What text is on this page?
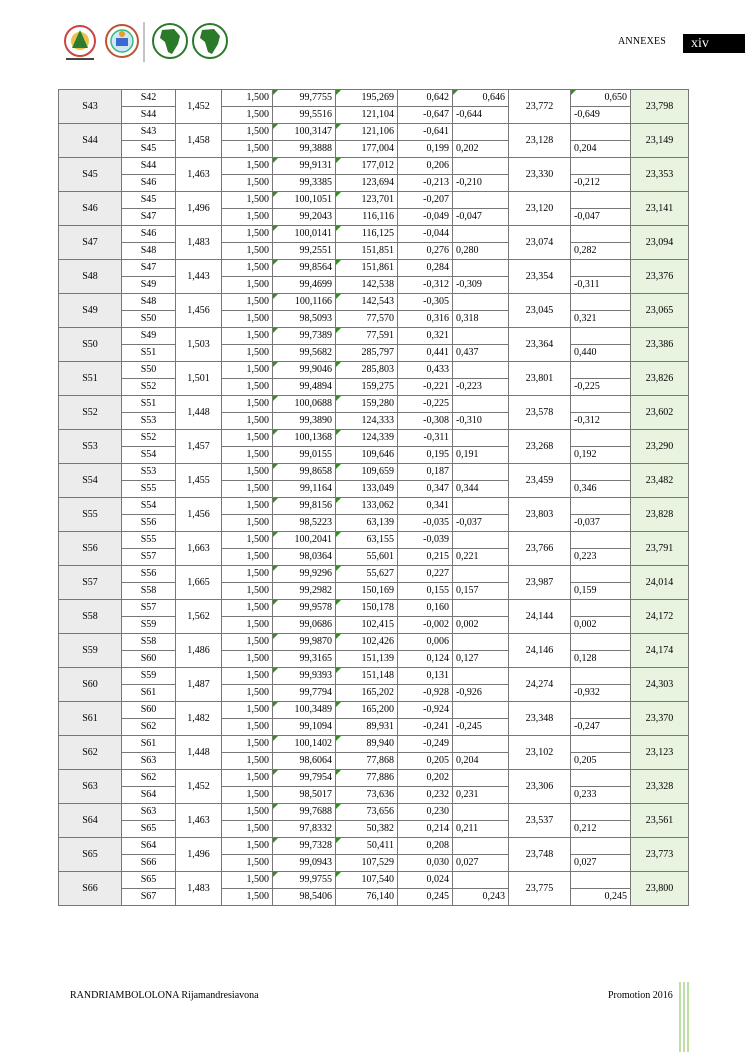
ANNEXES	xiv
S43	S42	1,452	1,500	99,7755	195,269	0,642	0,646	23,772	0,650	23,798
	S44		1,500	99,5516	121,104	-0,647	-0,644		-0,649	
S44	S43	1,458	1,500	100,3147	121,106	-0,641		23,128		23,149
	S45		1,500	99,3888	177,004	0,199	0,202		0,204	
S45	S44	1,463	1,500	99,9131	177,012	0,206		23,330		23,353
	S46		1,500	99,3385	123,694	-0,213	-0,210		-0,212	
S46	S45	1,496	1,500	100,1051	123,701	-0,207		23,120		23,141
	S47		1,500	99,2043	116,116	-0,049	-0,047		-0,047	
S47	S46	1,483	1,500	100,0141	116,125	-0,044		23,074		23,094
	S48		1,500	99,2551	151,851	0,276	0,280		0,282	
S48	S47	1,443	1,500	99,8564	151,861	0,284		23,354		23,376
	S49		1,500	99,4699	142,538	-0,312	-0,309		-0,311	
S49	S48	1,456	1,500	100,1166	142,543	-0,305		23,045		23,065
	S50		1,500	98,5093	77,570	0,316	0,318		0,321	
S50	S49	1,503	1,500	99,7389	77,591	0,321		23,364		23,386
	S51		1,500	99,5682	285,797	0,441	0,437		0,440	
S51	S50	1,501	1,500	99,9046	285,803	0,433		23,801		23,826
	S52		1,500	99,4894	159,275	-0,221	-0,223		-0,225	
S52	S51	1,448	1,500	100,0688	159,280	-0,225		23,578		23,602
	S53		1,500	99,3890	124,333	-0,308	-0,310		-0,312	
S53	S52	1,457	1,500	100,1368	124,339	-0,311		23,268		23,290
	S54		1,500	99,0155	109,646	0,195	0,191		0,192	
S54	S53	1,455	1,500	99,8658	109,659	0,187		23,459		23,482
	S55		1,500	99,1164	133,049	0,347	0,344		0,346	
S55	S54	1,456	1,500	99,8156	133,062	0,341		23,803		23,828
	S56		1,500	98,5223	63,139	-0,035	-0,037		-0,037	
S56	S55	1,663	1,500	100,2041	63,155	-0,039		23,766		23,791
	S57		1,500	98,0364	55,601	0,215	0,221		0,223	
S57	S56	1,665	1,500	99,9296	55,627	0,227		23,987		24,014
	S58		1,500	99,2982	150,169	0,155	0,157		0,159	
S58	S57	1,562	1,500	99,9578	150,178	0,160		24,144		24,172
	S59		1,500	99,0686	102,415	-0,002	0,002		0,002	
S59	S58	1,486	1,500	99,9870	102,426	0,006		24,146		24,174
	S60		1,500	99,3165	151,139	0,124	0,127		0,128	
S60	S59	1,487	1,500	99,9393	151,148	0,131		24,274		24,303
	S61		1,500	99,7794	165,202	-0,928	-0,926		-0,932	
S61	S60	1,482	1,500	100,3489	165,200	-0,924		23,348		23,370
	S62		1,500	99,1094	89,931	-0,241	-0,245		-0,247	
S62	S61	1,448	1,500	100,1402	89,940	-0,249		23,102		23,123
	S63		1,500	98,6064	77,868	0,205	0,204		0,205	
S63	S62	1,452	1,500	99,7954	77,886	0,202		23,306		23,328
	S64		1,500	98,5017	73,636	0,232	0,231		0,233	
S64	S63	1,463	1,500	99,7688	73,656	0,230		23,537		23,561
	S65		1,500	97,8332	50,382	0,214	0,211		0,212	
S65	S64	1,496	1,500	99,7328	50,411	0,208		23,748		23,773
	S66		1,500	99,0943	107,529	0,030	0,027		0,027	
S66	S65	1,483	1,500	99,9755	107,540	0,024		23,775		23,800
	S67		1,500	98,5406	76,140	0,245	0,243		0,245	
RANDRIAMBOLOLONA Rijamandresiavona	Promotion 2016
